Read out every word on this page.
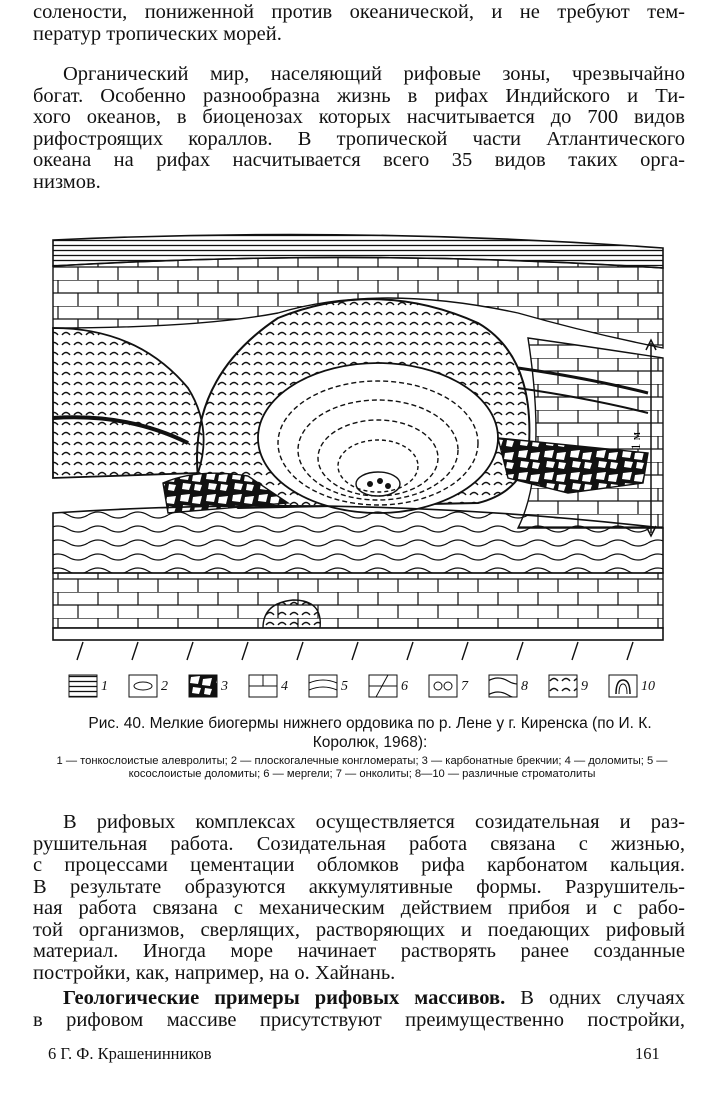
солености, пониженной против океанической, и не требуют тем-
ператур тропических морей.

Органический мир, населяющий рифовые зоны, чрезвычайно
богат. Особенно разнообразна жизнь в рифах Индийского и Ти-
хого океанов, в биоценозах которых насчитывается до 700 видов
рифостроящих кораллов. В тропической части Атлантического
океана на рифах насчитывается всего 35 видов таких орга-
низмов.

1 м
1	2	3	4	5	6	7	8	9	10

Рис. 40. Мелкие биогермы нижнего ордовика по р. Лене у г. Киренска (по И. К. Королюк, 1968):

1 — тонкослоистые алевролиты; 2 — плоскогалечные конгломераты; 3 — карбонатные брекчии; 4 — доломиты; 5 — косослоистые доломиты; 6 — мергели; 7 — онколиты; 8—10 — различные строматолиты

В рифовых комплексах осуществляется созидательная и раз-
рушительная работа. Созидательная работа связана с жизнью,
с процессами цементации обломков рифа карбонатом кальция.
В результате образуются аккумулятивные формы. Разрушитель-
ная работа связана с механическим действием прибоя и с рабо-
той организмов, сверлящих, растворяющих и поедающих рифовый
материал. Иногда море начинает растворять ранее созданные
постройки, как, например, на о. Хайнань.

Геологические примеры рифовых массивов. В одних случаях
в рифовом массиве присутствуют преимущественно постройки,

6 Г. Ф. Крашенинников	161
